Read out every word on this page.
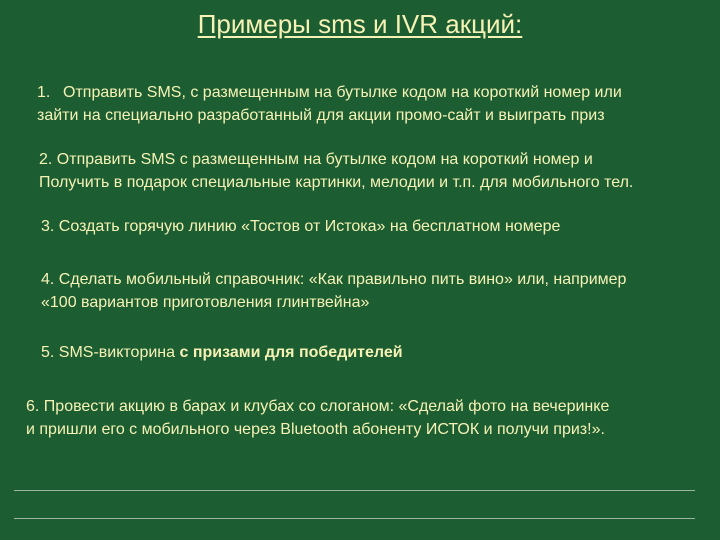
Примеры sms и IVR акций:

1. Отправить SMS, с размещенным на бутылке кодом на короткий номер или

зайти на специально разработанный для акции промо-сайт и выиграть приз

2. Отправить SMS с размещенным на бутылке кодом на короткий номер и

Получить в подарок специальные картинки, мелодии и т.п. для мобильного тел.

3. Создать горячую линию «Тостов от Истока» на бесплатном номере

4. Сделать мобильный справочник: «Как правильно пить вино» или, например

«100 вариантов приготовления глинтвейна»

5. SMS-викторина с призами для победителей

6. Провести акцию в барах и клубах со слоганом: «Сделай фото на вечеринке

и пришли его с мобильного через Bluetooth абоненту ИСТОК и получи приз!».
